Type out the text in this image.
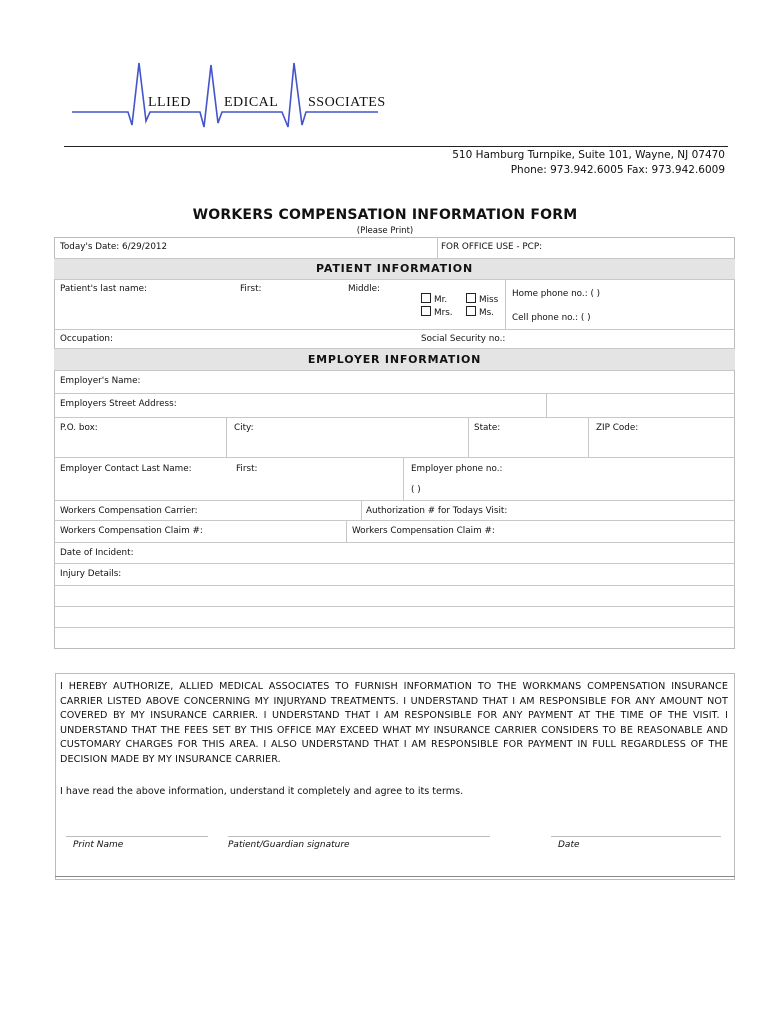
LLIED EDICAL SSOCIATES
510 Hamburg Turnpike, Suite 101, Wayne, NJ 07470
Phone: 973.942.6005 Fax: 973.942.6009
WORKERS COMPENSATION INFORMATION FORM
(Please Print)
PATIENT INFORMATION
EMPLOYER INFORMATION
Today's Date: 6/29/2012	FOR OFFICE USE - PCP:
Patient's last name:	First:	Middle:
Mr.	Miss
Mrs.	Ms.
Home phone no.: ( )
Cell phone no.: ( )
Occupation:	Social Security no.:
Employer's Name:
Employers Street Address:
P.O. box:	City:	State:	ZIP Code:
Employer Contact Last Name:	First:	Employer phone no.:
( )
Workers Compensation Carrier:	Authorization # for Todays Visit:
Workers Compensation Claim #:	Workers Compensation Claim #:
Date of Incident:
Injury Details:
I HEREBY AUTHORIZE, ALLIED MEDICAL ASSOCIATES TO FURNISH INFORMATION TO THE WORKMANS COMPENSATION INSURANCE CARRIER LISTED ABOVE CONCERNING MY INJURYAND TREATMENTS. I UNDERSTAND THAT I AM RESPONSIBLE FOR ANY AMOUNT NOT COVERED BY MY INSURANCE CARRIER. I UNDERSTAND THAT I AM RESPONSIBLE FOR ANY PAYMENT AT THE TIME OF THE VISIT. I UNDERSTAND THAT THE FEES SET BY THIS OFFICE MAY EXCEED WHAT MY INSURANCE CARRIER CONSIDERS TO BE REASONABLE AND CUSTOMARY CHARGES FOR THIS AREA. I ALSO UNDERSTAND THAT I AM RESPONSIBLE FOR PAYMENT IN FULL REGARDLESS OF THE DECISION MADE BY MY INSURANCE CARRIER.
I have read the above information, understand it completely and agree to its terms.
Print Name	Patient/Guardian signature	Date
